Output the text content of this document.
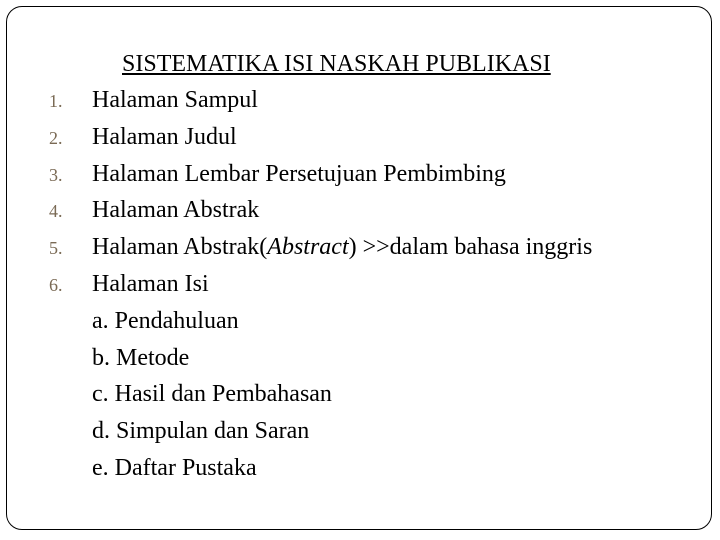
SISTEMATIKA ISI NASKAH PUBLIKASI
1.	Halaman Sampul
2.	Halaman Judul
3.	Halaman Lembar Persetujuan Pembimbing
4.	Halaman Abstrak
5.	Halaman Abstrak(Abstract) >>dalam bahasa inggris
6.	Halaman Isi
a. Pendahuluan
b. Metode
c. Hasil dan Pembahasan
d. Simpulan dan Saran
e. Daftar Pustaka
